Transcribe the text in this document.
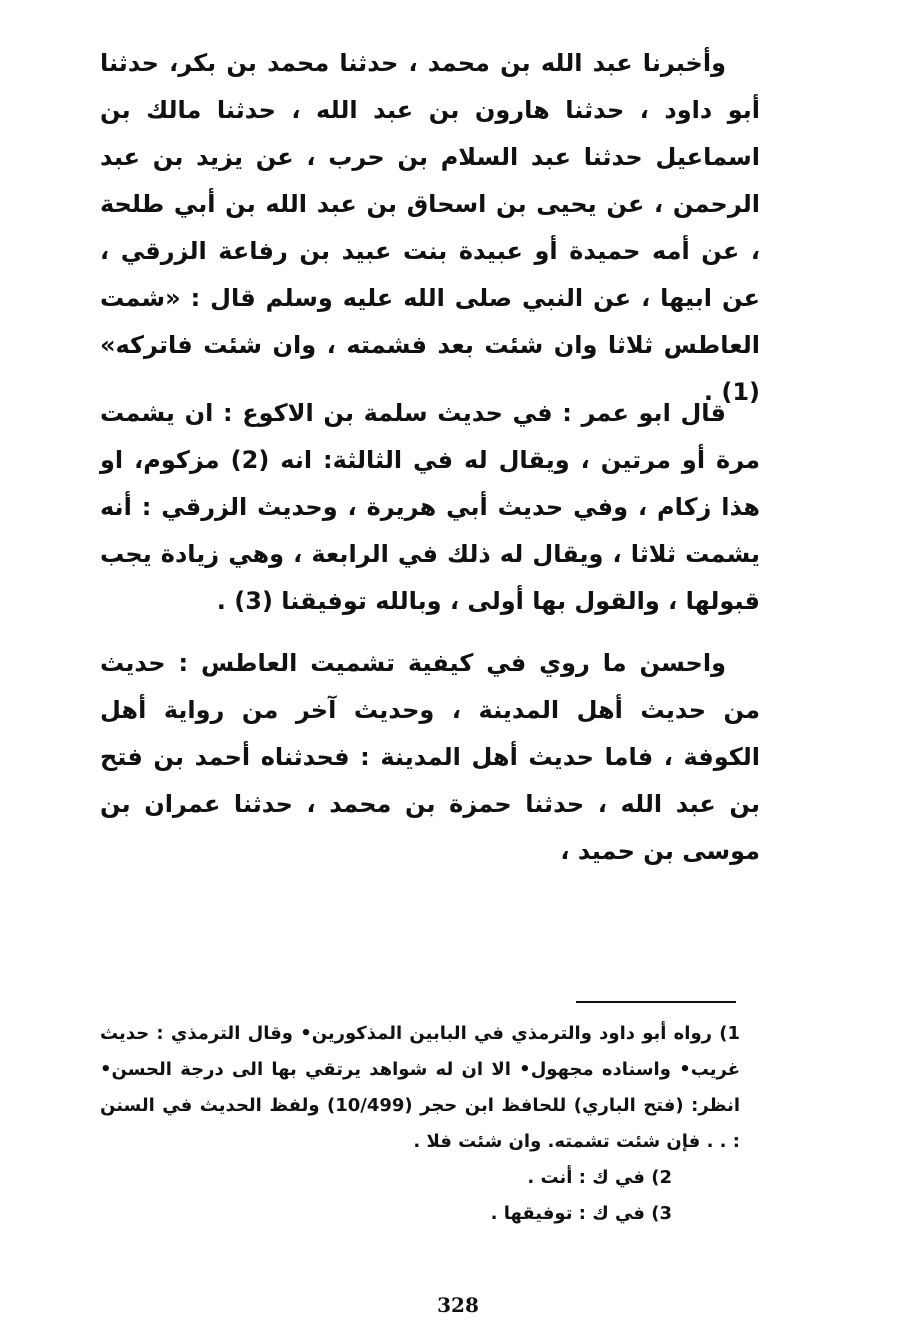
وأخبرنا عبد الله بن محمد ، حدثنا محمد بن بكر، حدثنا أبو داود ، حدثنا هارون بن عبد الله ، حدثنا مالك بن اسماعيل حدثنا عبد السلام بن حرب ، عن يزيد بن عبد الرحمن ، عن يحيى بن اسحاق بن عبد الله بن أبي طلحة ، عن أمه حميدة أو عبيدة بنت عبيد بن رفاعة الزرقي ، عن ابيها ، عن النبي صلى الله عليه وسلم قال : «شمت العاطس ثلاثا وان شئت بعد فشمته ، وان شئت فاتركه» (1) .

قال ابو عمر : في حديث سلمة بن الاكوع : ان يشمت مرة أو مرتين ، ويقال له في الثالثة: انه (2) مزكوم، او هذا زكام ، وفي حديث أبي هريرة ، وحديث الزرقي : أنه يشمت ثلاثا ، ويقال له ذلك في الرابعة ، وهي زيادة يجب قبولها ، والقول بها أولى ، وبالله توفيقنا (3) .

واحسن ما روي في كيفية تشميت العاطس : حديث من حديث أهل المدينة ، وحديث آخر من رواية أهل الكوفة ، فاما حديث أهل المدينة : فحدثناه أحمد بن فتح بن عبد الله ، حدثنا حمزة بن محمد ، حدثنا عمران بن موسى بن حميد ،

1) رواه أبو داود والترمذي في البابين المذكورين• وقال الترمذي : حديث غريب• واسناده مجهول• الا ان له شواهد يرتقي بها الى درجة الحسن• انظر: (فتح الباري) للحافظ ابن حجر (10/499) ولفظ الحديث في السنن : . . فإن شئت تشمته. وان شئت فلا .

2) في ك : أنت .

3) في ك : توفيقها .

328
